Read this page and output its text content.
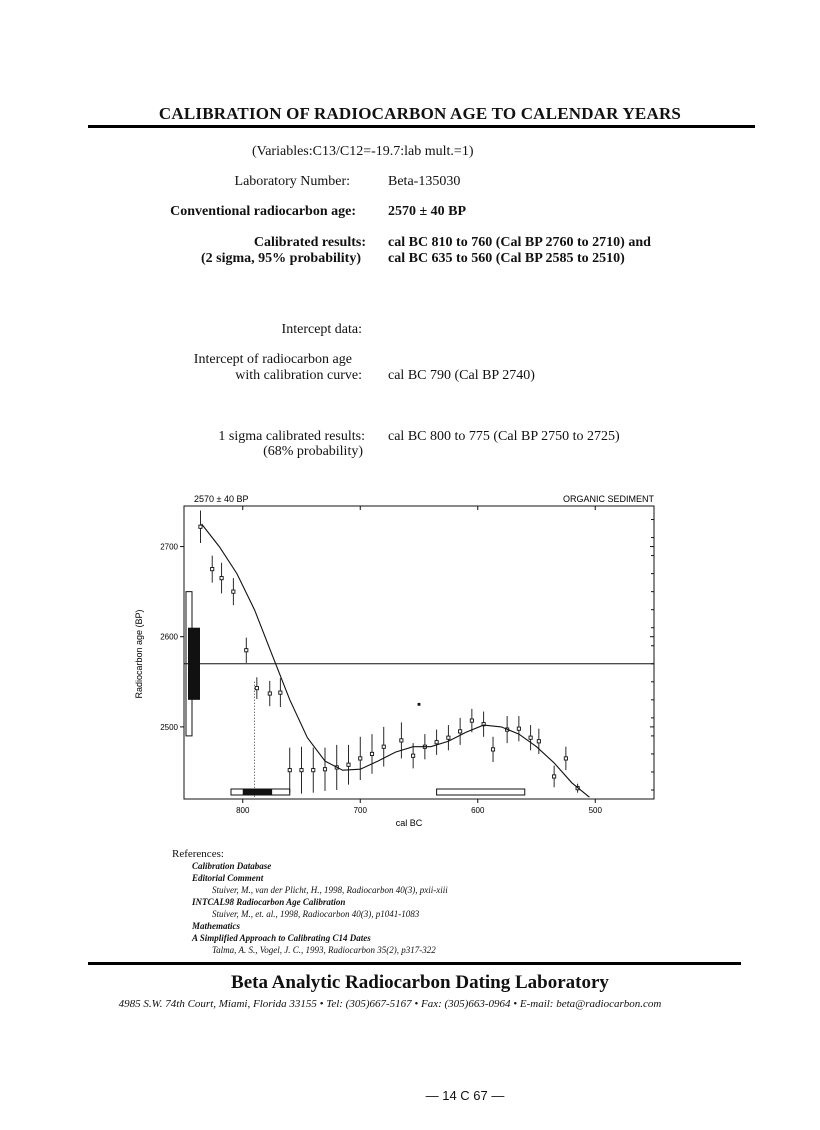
CALIBRATION OF RADIOCARBON AGE TO CALENDAR YEARS
(Variables:C13/C12=-19.7:lab mult.=1)
Laboratory Number:	Beta-135030
Conventional radiocarbon age: 2570 ± 40 BP
Calibrated results:
(2 sigma, 95% probability)
cal BC 810 to 760 (Cal BP 2760 to 2710) and
cal BC 635 to 560 (Cal BP 2585 to 2510)
Intercept data:
Intercept of radiocarbon age
with calibration curve: cal BC 790 (Cal BP 2740)
1 sigma calibrated results:
(68% probability)
cal BC 800 to 775 (Cal BP 2750 to 2725)
2570 ± 40 BP	ORGANIC SEDIMENT
800	700	600	500
2700
2600
2500
cal BC
Radiocarbon age (BP)
References:
Calibration Database
Editorial Comment
Stuiver, M., van der Plicht, H., 1998, Radiocarbon 40(3), pxii-xiii
INTCAL98 Radiocarbon Age Calibration
Stuiver, M., et. al., 1998, Radiocarbon 40(3), p1041-1083
Mathematics
A Simplified Approach to Calibrating C14 Dates
Talma, A. S., Vogel, J. C., 1993, Radiocarbon 35(2), p317-322
Beta Analytic Radiocarbon Dating Laboratory
4985 S.W. 74th Court, Miami, Florida 33155 • Tel: (305)667-5167 • Fax: (305)663-0964 • E-mail: beta@radiocarbon.com
— 14 C 67 —
